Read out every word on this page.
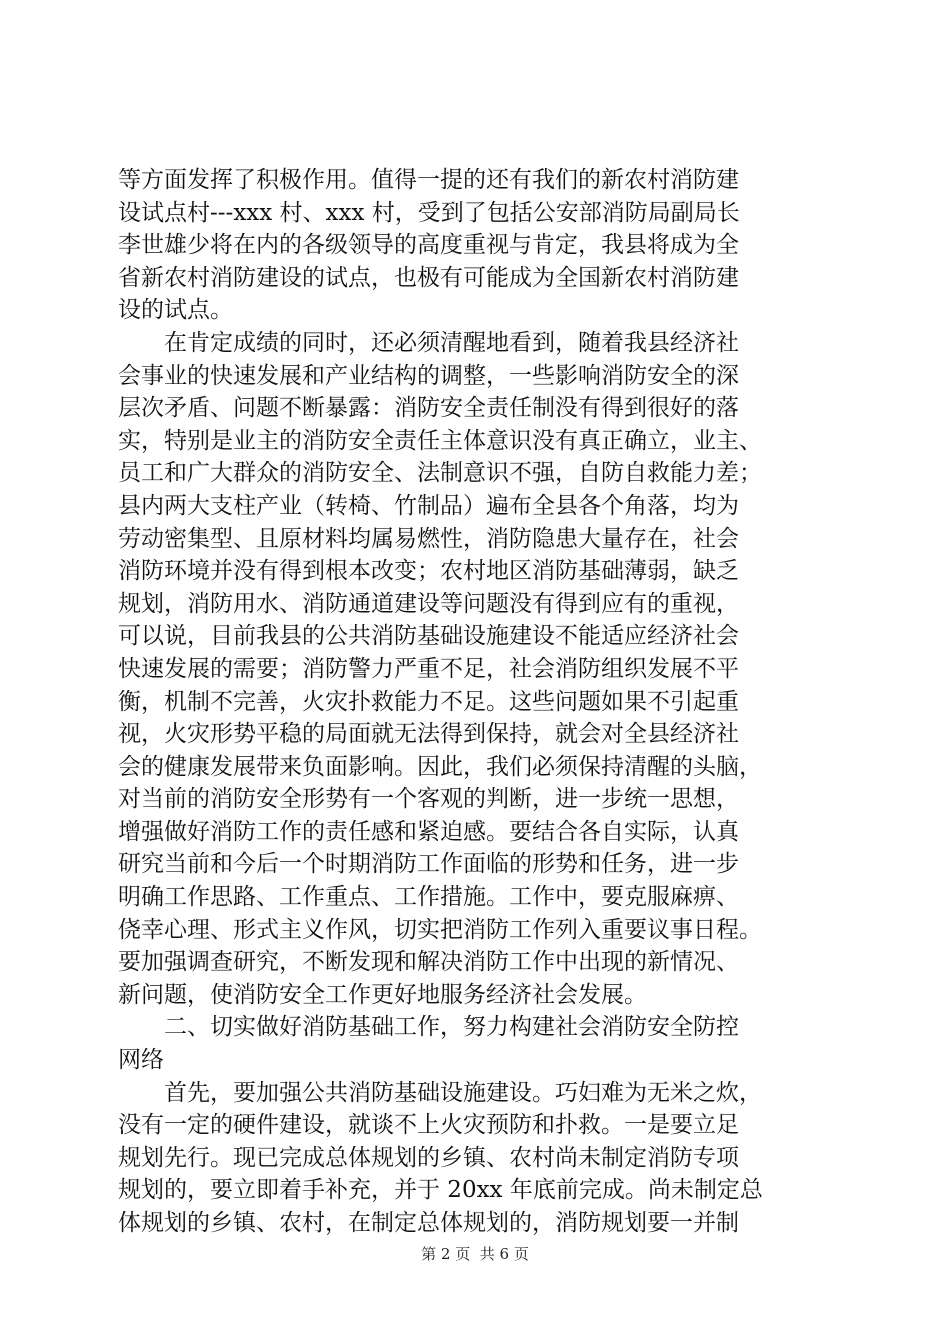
等方面发挥了积极作用。值得一提的还有我们的新农村消防建
设试点村---xxx 村、xxx 村，受到了包括公安部消防局副局长
李世雄少将在内的各级领导的高度重视与肯定，我县将成为全
省新农村消防建设的试点，也极有可能成为全国新农村消防建
设的试点。
　　在肯定成绩的同时，还必须清醒地看到，随着我县经济社
会事业的快速发展和产业结构的调整，一些影响消防安全的深
层次矛盾、问题不断暴露：消防安全责任制没有得到很好的落
实，特别是业主的消防安全责任主体意识没有真正确立，业主、
员工和广大群众的消防安全、法制意识不强，自防自救能力差；
县内两大支柱产业（转椅、竹制品）遍布全县各个角落，均为
劳动密集型、且原材料均属易燃性，消防隐患大量存在，社会
消防环境并没有得到根本改变；农村地区消防基础薄弱，缺乏
规划，消防用水、消防通道建设等问题没有得到应有的重视，
可以说，目前我县的公共消防基础设施建设不能适应经济社会
快速发展的需要；消防警力严重不足，社会消防组织发展不平
衡，机制不完善，火灾扑救能力不足。这些问题如果不引起重
视，火灾形势平稳的局面就无法得到保持，就会对全县经济社
会的健康发展带来负面影响。因此，我们必须保持清醒的头脑，
对当前的消防安全形势有一个客观的判断，进一步统一思想，
增强做好消防工作的责任感和紧迫感。要结合各自实际，认真
研究当前和今后一个时期消防工作面临的形势和任务，进一步
明确工作思路、工作重点、工作措施。工作中，要克服麻痹、
侥幸心理、形式主义作风，切实把消防工作列入重要议事日程。
要加强调查研究，不断发现和解决消防工作中出现的新情况、
新问题，使消防安全工作更好地服务经济社会发展。
　　二、切实做好消防基础工作，努力构建社会消防安全防控
网络
　　首先，要加强公共消防基础设施建设。巧妇难为无米之炊，
没有一定的硬件建设，就谈不上火灾预防和扑救。一是要立足
规划先行。现已完成总体规划的乡镇、农村尚未制定消防专项
规划的，要立即着手补充，并于 20xx 年底前完成。尚未制定总
体规划的乡镇、农村，在制定总体规划的，消防规划要一并制
第 2 页  共 6 页
